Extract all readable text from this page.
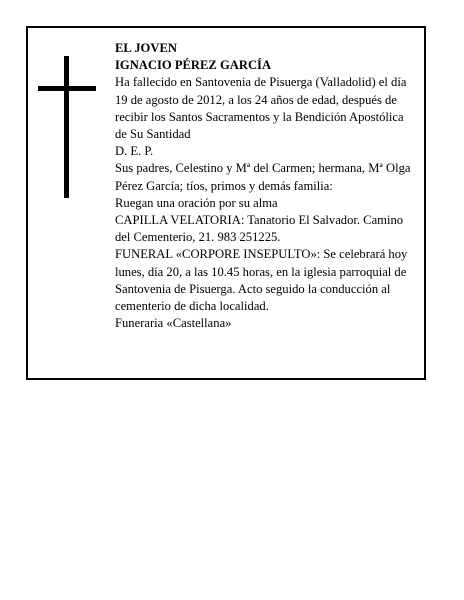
EL JOVEN

IGNACIO PÉREZ GARCÍA

Ha fallecido en Santovenia de Pisuerga (Valladolid) el día 19 de agosto de 2012, a los 24 años de edad, después de recibir los Santos Sacramentos y la Bendición Apostólica de Su Santidad

D. E. P.

Sus padres, Celestino y Mª del Carmen; hermana, Mª Olga Pérez García; tíos, primos y demás familia:

Ruegan una oración por su alma

CAPILLA VELATORIA: Tanatorio El Salvador. Camino del Cementerio, 21. 983 251225.

FUNERAL «CORPORE INSEPULTO»: Se celebrará hoy lunes, día 20, a las 10.45 horas, en la iglesia parroquial de Santovenia de Pisuerga. Acto seguido la conducción al cementerio de dicha localidad.

Funeraria «Castellana»
